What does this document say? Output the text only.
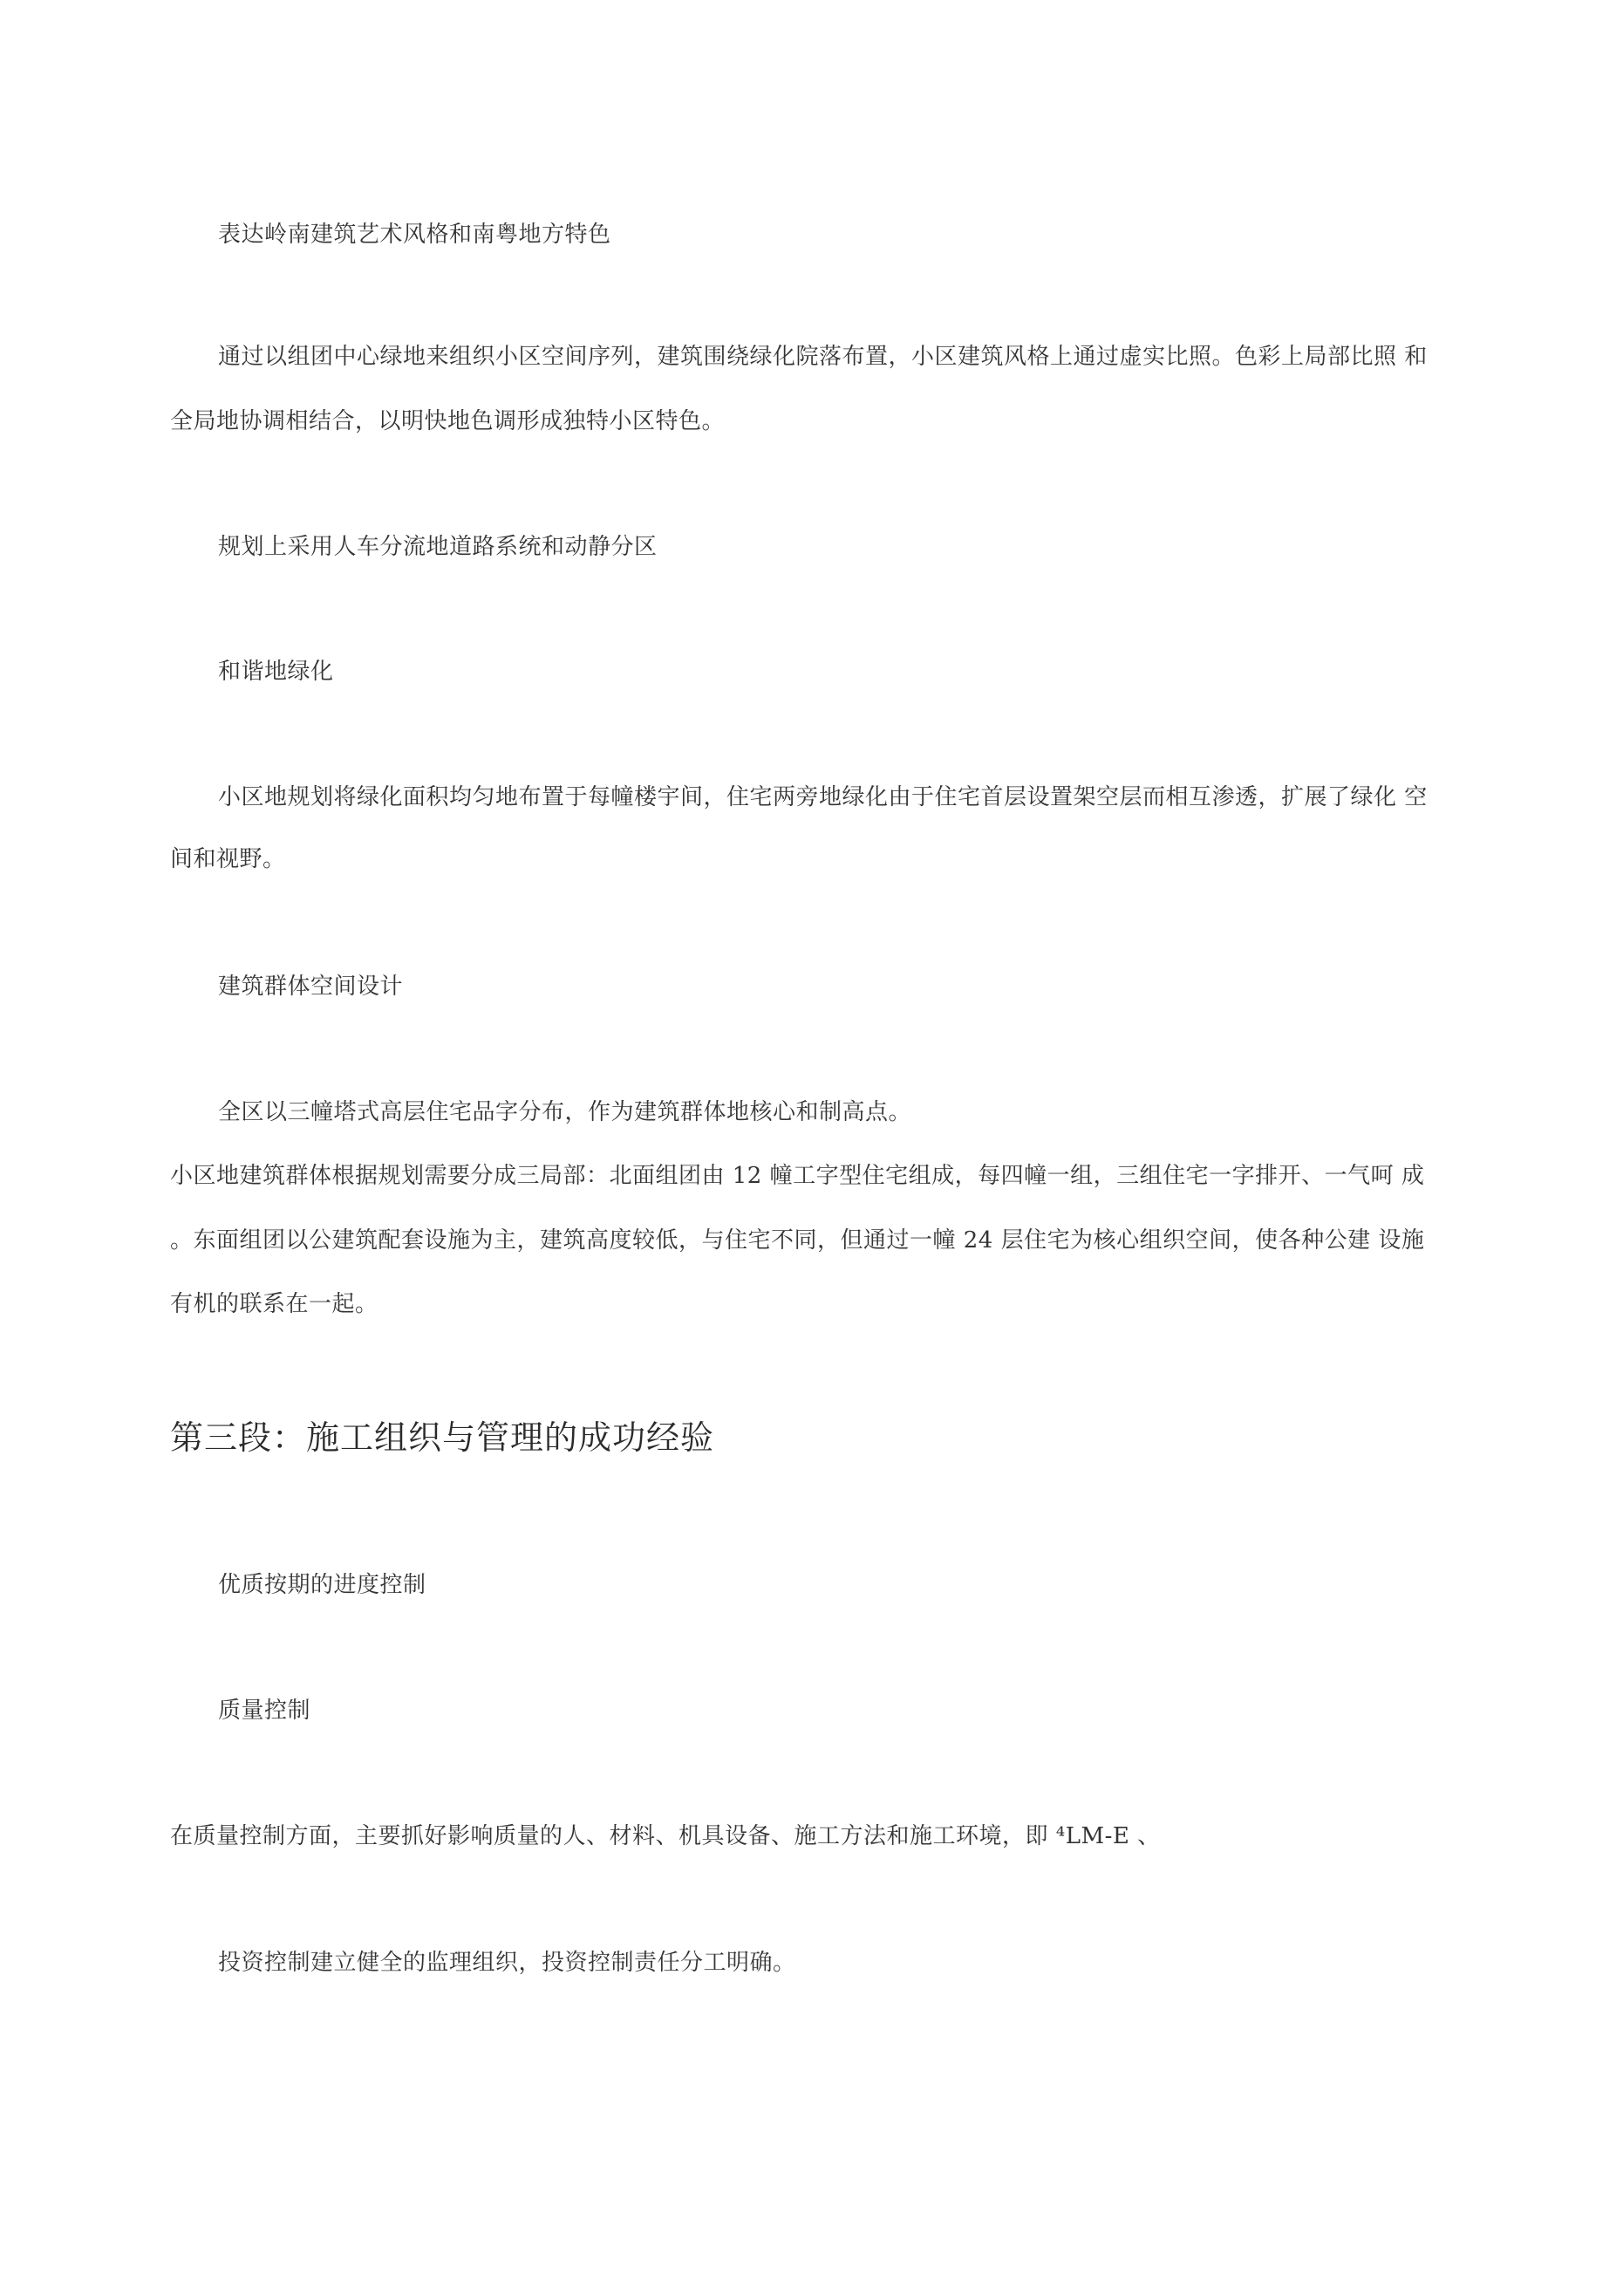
表达岭南建筑艺术风格和南粤地方特色
通过以组团中心绿地来组织小区空间序列，建筑围绕绿化院落布置，小区建筑风格上通过虚实比照。色彩上局部比照 和
全局地协调相结合，以明快地色调形成独特小区特色。
规划上采用人车分流地道路系统和动静分区
和谐地绿化
小区地规划将绿化面积均匀地布置于每幢楼宇间，住宅两旁地绿化由于住宅首层设置架空层而相互渗透，扩展了绿化 空
间和视野。
建筑群体空间设计
全区以三幢塔式高层住宅品字分布，作为建筑群体地核心和制高点。
小区地建筑群体根据规划需要分成三局部：北面组团由 12 幢工字型住宅组成，每四幢一组，三组住宅一字排开、一气呵 成
。东面组团以公建筑配套设施为主，建筑高度较低，与住宅不同，但通过一幢 24 层住宅为核心组织空间，使各种公建 设施
有机的联系在一起。
第三段：施工组织与管理的成功经验
优质按期的进度控制
质量控制
在质量控制方面，主要抓好影响质量的人、材料、机具设备、施工方法和施工环境，即 ⁴LM-E 、
投资控制建立健全的监理组织，投资控制责任分工明确。
